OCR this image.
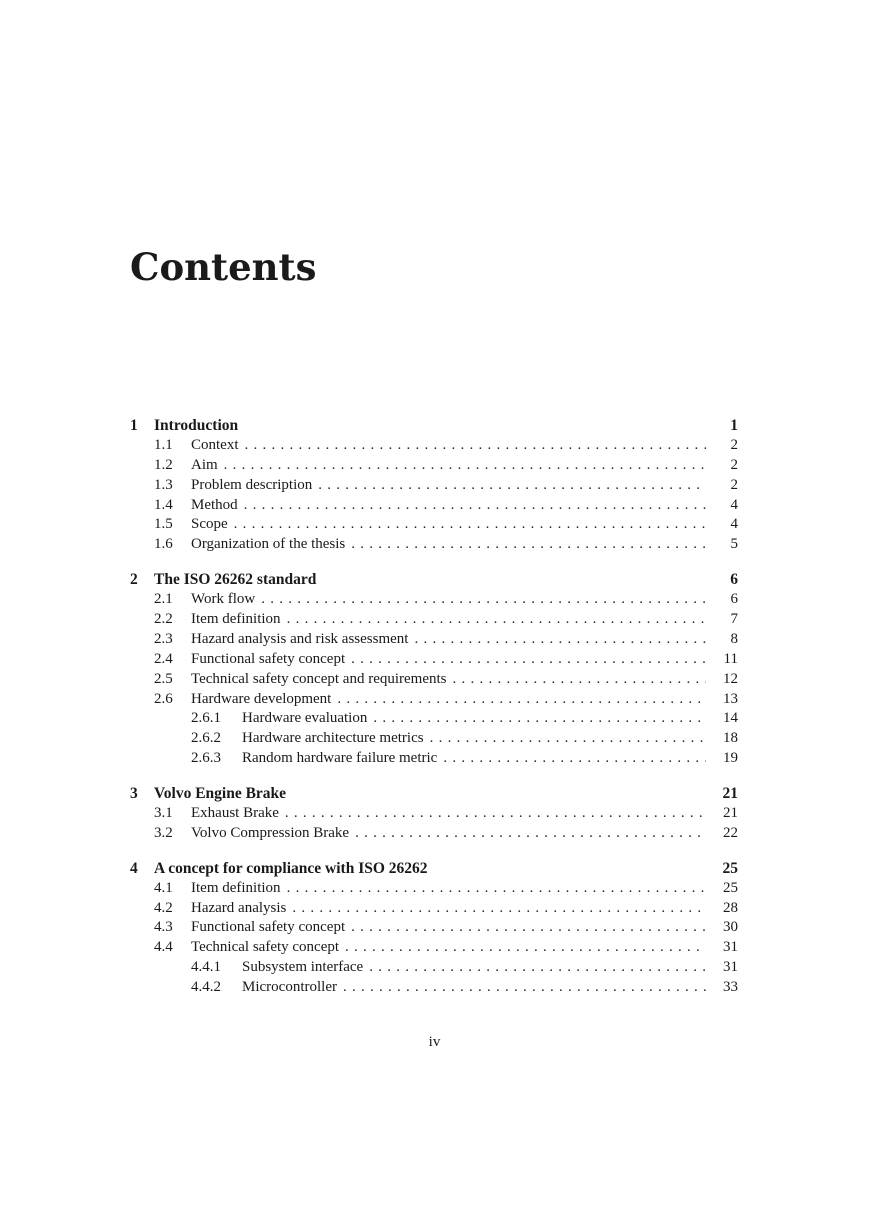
Contents
1	Introduction	1
1.1	Context . . .	2
1.2	Aim . . .	2
1.3	Problem description . . .	2
1.4	Method . . .	4
1.5	Scope . . .	4
1.6	Organization of the thesis . . .	5
2	The ISO 26262 standard	6
2.1	Work flow . . .	6
2.2	Item definition . . .	7
2.3	Hazard analysis and risk assessment . . .	8
2.4	Functional safety concept . . .	11
2.5	Technical safety concept and requirements . . .	12
2.6	Hardware development . . .	13
2.6.1	Hardware evaluation . . .	14
2.6.2	Hardware architecture metrics . . .	18
2.6.3	Random hardware failure metric . . .	19
3	Volvo Engine Brake	21
3.1	Exhaust Brake . . .	21
3.2	Volvo Compression Brake . . .	22
4	A concept for compliance with ISO 26262	25
4.1	Item definition . . .	25
4.2	Hazard analysis . . .	28
4.3	Functional safety concept . . .	30
4.4	Technical safety concept . . .	31
4.4.1	Subsystem interface . . .	31
4.4.2	Microcontroller . . .	33
iv
